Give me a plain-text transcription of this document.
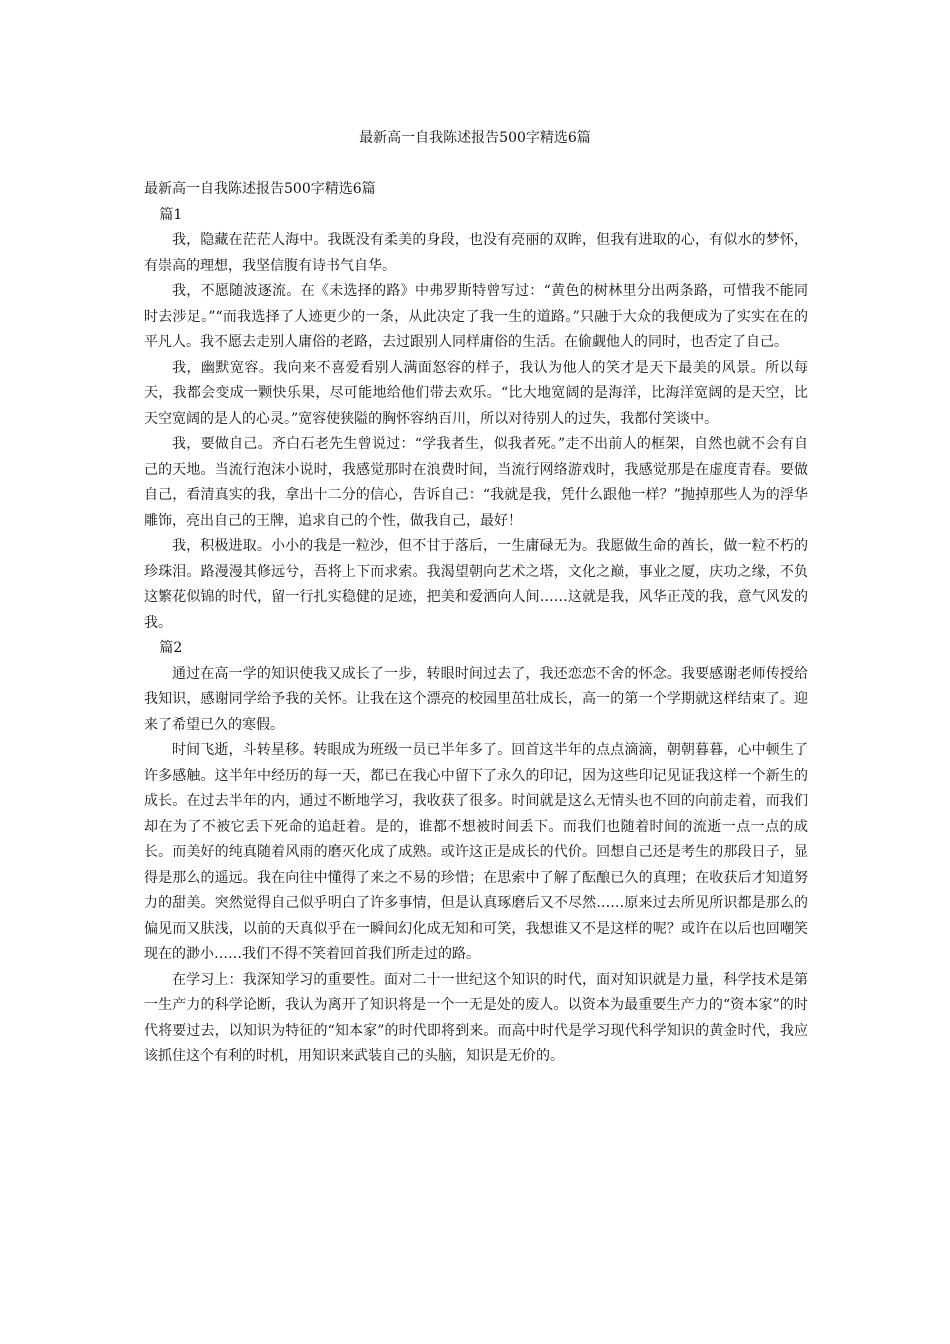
最新高一自我陈述报告500字精选6篇

最新高一自我陈述报告500字精选6篇

篇1

我，隐藏在茫茫人海中。我既没有柔美的身段，也没有亮丽的双眸，但我有进取的心，有似水的梦怀，有崇高的理想，我坚信腹有诗书气自华。

我，不愿随波逐流。在《未选择的路》中弗罗斯特曾写过：“黄色的树林里分出两条路，可惜我不能同时去涉足。”“而我选择了人迹更少的一条，从此决定了我一生的道路。”只融于大众的我便成为了实实在在的平凡人。我不愿去走别人庸俗的老路，去过跟别人同样庸俗的生活。在偷觑他人的同时，也否定了自己。

我，幽默宽容。我向来不喜爱看别人满面怒容的样子，我认为他人的笑才是天下最美的风景。所以每天，我都会变成一颗快乐果，尽可能地给他们带去欢乐。“比大地宽阔的是海洋，比海洋宽阔的是天空，比天空宽阔的是人的心灵。”宽容使狭隘的胸怀容纳百川，所以对待别人的过失，我都付笑谈中。

我，要做自己。齐白石老先生曾说过：“学我者生，似我者死。”走不出前人的框架，自然也就不会有自己的天地。当流行泡沫小说时，我感觉那时在浪费时间，当流行网络游戏时，我感觉那是在虚度青春。要做自己，看清真实的我，拿出十二分的信心，告诉自己：“我就是我，凭什么跟他一样？”抛掉那些人为的浮华雕饰，亮出自己的王牌，追求自己的个性，做我自己，最好！

我，积极进取。小小的我是一粒沙，但不甘于落后，一生庸碌无为。我愿做生命的酋长，做一粒不朽的珍珠泪。路漫漫其修远兮，吾将上下而求索。我渴望朝向艺术之塔，文化之巅，事业之厦，庆功之缘，不负这繁花似锦的时代，留一行扎实稳健的足迹，把美和爱洒向人间……这就是我，风华正茂的我，意气风发的我。

篇2

通过在高一学的知识使我又成长了一步，转眼时间过去了，我还恋恋不舍的怀念。我要感谢老师传授给我知识，感谢同学给予我的关怀。让我在这个漂亮的校园里茁壮成长，高一的第一个学期就这样结束了。迎来了希望已久的寒假。

时间飞逝，斗转星移。转眼成为班级一员已半年多了。回首这半年的点点滴滴，朝朝暮暮，心中顿生了许多感触。这半年中经历的每一天，都已在我心中留下了永久的印记，因为这些印记见证我这样一个新生的成长。在过去半年的内，通过不断地学习，我收获了很多。时间就是这么无情头也不回的向前走着，而我们却在为了不被它丢下死命的追赶着。是的，谁都不想被时间丢下。而我们也随着时间的流逝一点一点的成长。而美好的纯真随着风雨的磨灭化成了成熟。或许这正是成长的代价。回想自己还是考生的那段日子，显得是那么的遥远。我在向往中懂得了来之不易的珍惜；在思索中了解了酝酿已久的真理；在收获后才知道努力的甜美。突然觉得自己似乎明白了许多事情，但是认真琢磨后又不尽然……原来过去所见所识都是那么的偏见而又肤浅，以前的天真似乎在一瞬间幻化成无知和可笑，我想谁又不是这样的呢？或许在以后也回嘲笑现在的渺小……我们不得不笑着回首我们所走过的路。

在学习上：我深知学习的重要性。面对二十一世纪这个知识的时代，面对知识就是力量，科学技术是第一生产力的科学论断，我认为离开了知识将是一个一无是处的废人。以资本为最重要生产力的“资本家”的时代将要过去，以知识为特征的“知本家”的时代即将到来。而高中时代是学习现代科学知识的黄金时代，我应该抓住这个有利的时机，用知识来武装自己的头脑，知识是无价的。
